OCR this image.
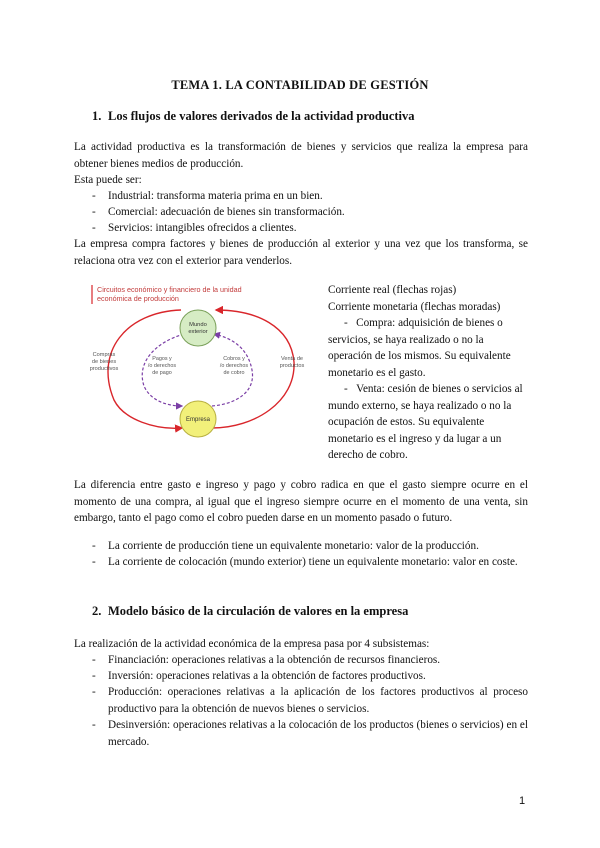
TEMA 1. LA CONTABILIDAD DE GESTIÓN
1. Los flujos de valores derivados de la actividad productiva
La actividad productiva es la transformación de bienes y servicios que realiza la empresa para obtener bienes medios de producción.
Esta puede ser:
- Industrial: transforma materia prima en un bien.
- Comercial: adecuación de bienes sin transformación.
- Servicios: intangibles ofrecidos a clientes.
La empresa compra factores y bienes de producción al exterior y una vez que los transforma, se relaciona otra vez con el exterior para venderlos.
Circuitos económico y financiero de la unidad
económica de producción
Mundo
exterior
Empresa
Compras
de bienes
productivos
Venta de
productos
Pagos y
/o derechos
de pago
Cobros y
/o derechos
de cobro
Corriente real (flechas rojas)
Corriente monetaria (flechas moradas)
- Compra: adquisición de bienes o servicios, se haya realizado o no la operación de los mismos. Su equivalente monetario es el gasto.
- Venta: cesión de bienes o servicios al mundo externo, se haya realizado o no la ocupación de estos. Su equivalente monetario es el ingreso y da lugar a un derecho de cobro.
La diferencia entre gasto e ingreso y pago y cobro radica en que el gasto siempre ocurre en el momento de una compra, al igual que el ingreso siempre ocurre en el momento de una venta, sin embargo, tanto el pago como el cobro pueden darse en un momento pasado o futuro.
- La corriente de producción tiene un equivalente monetario: valor de la producción.
- La corriente de colocación (mundo exterior) tiene un equivalente monetario: valor en coste.
2. Modelo básico de la circulación de valores en la empresa
La realización de la actividad económica de la empresa pasa por 4 subsistemas:
- Financiación: operaciones relativas a la obtención de recursos financieros.
- Inversión: operaciones relativas a la obtención de factores productivos.
- Producción: operaciones relativas a la aplicación de los factores productivos al proceso productivo para la obtención de nuevos bienes o servicios.
- Desinversión: operaciones relativas a la colocación de los productos (bienes o servicios) en el mercado.
1
